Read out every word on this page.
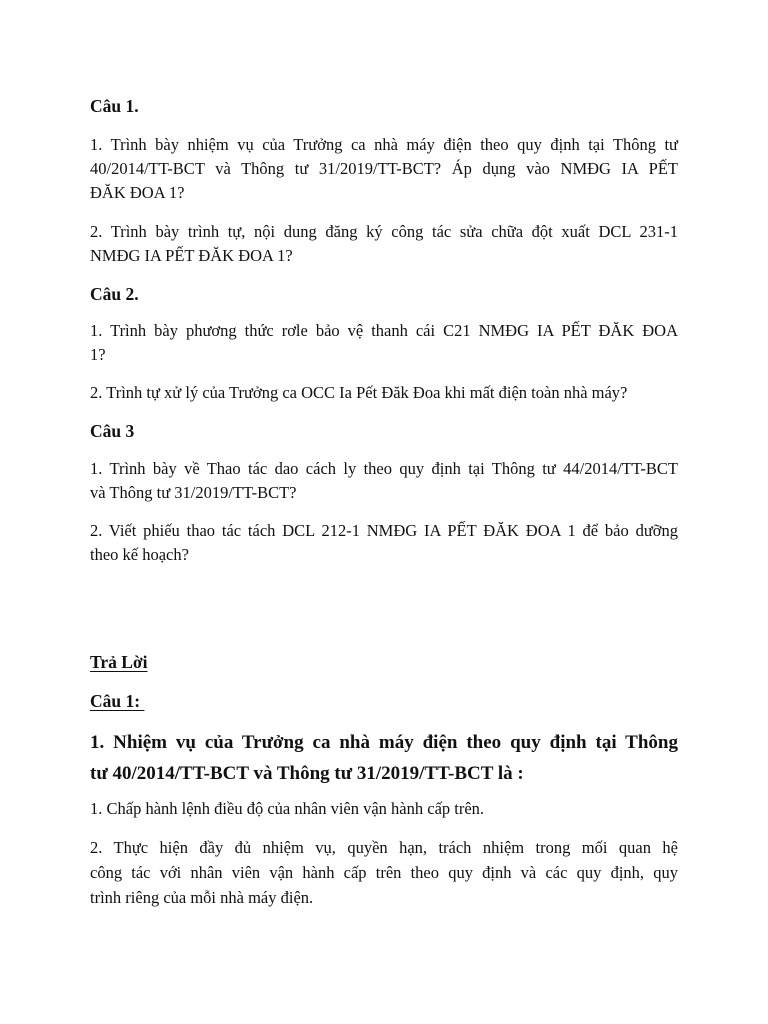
Câu 1.

1. Trình bày nhiệm vụ của Trưởng ca nhà máy điện theo quy định tại Thông tư

40/2014/TT-BCT và Thông tư 31/2019/TT-BCT? Áp dụng vào NMĐG IA PẾT

ĐĂK ĐOA 1?

2. Trình bày trình tự, nội dung đăng ký công tác sửa chữa đột xuất DCL 231-1

NMĐG IA PẾT ĐĂK ĐOA 1?

Câu 2.

1. Trình bày phương thức rơle bảo vệ thanh cái C21 NMĐG IA PẾT ĐĂK ĐOA

1?

2. Trình tự xử lý của Trưởng ca OCC Ia Pết Đăk Đoa khi mất điện toàn nhà máy?

Câu 3

1. Trình bày về Thao tác dao cách ly theo quy định tại Thông tư 44/2014/TT-BCT

và Thông tư 31/2019/TT-BCT?

2. Viết phiếu thao tác tách DCL 212-1 NMĐG IA PẾT ĐĂK ĐOA 1 để bảo dưỡng

theo kế hoạch?

Trả Lời

Câu 1:

1. Nhiệm vụ của Trưởng ca nhà máy điện theo quy định tại Thông

tư 40/2014/TT-BCT và Thông tư 31/2019/TT-BCT là :

1. Chấp hành lệnh điều độ của nhân viên vận hành cấp trên.

2. Thực hiện đầy đủ nhiệm vụ, quyền hạn, trách nhiệm trong mối quan hệ

công tác với nhân viên vận hành cấp trên theo quy định và các quy định, quy

trình riêng của mỗi nhà máy điện.
